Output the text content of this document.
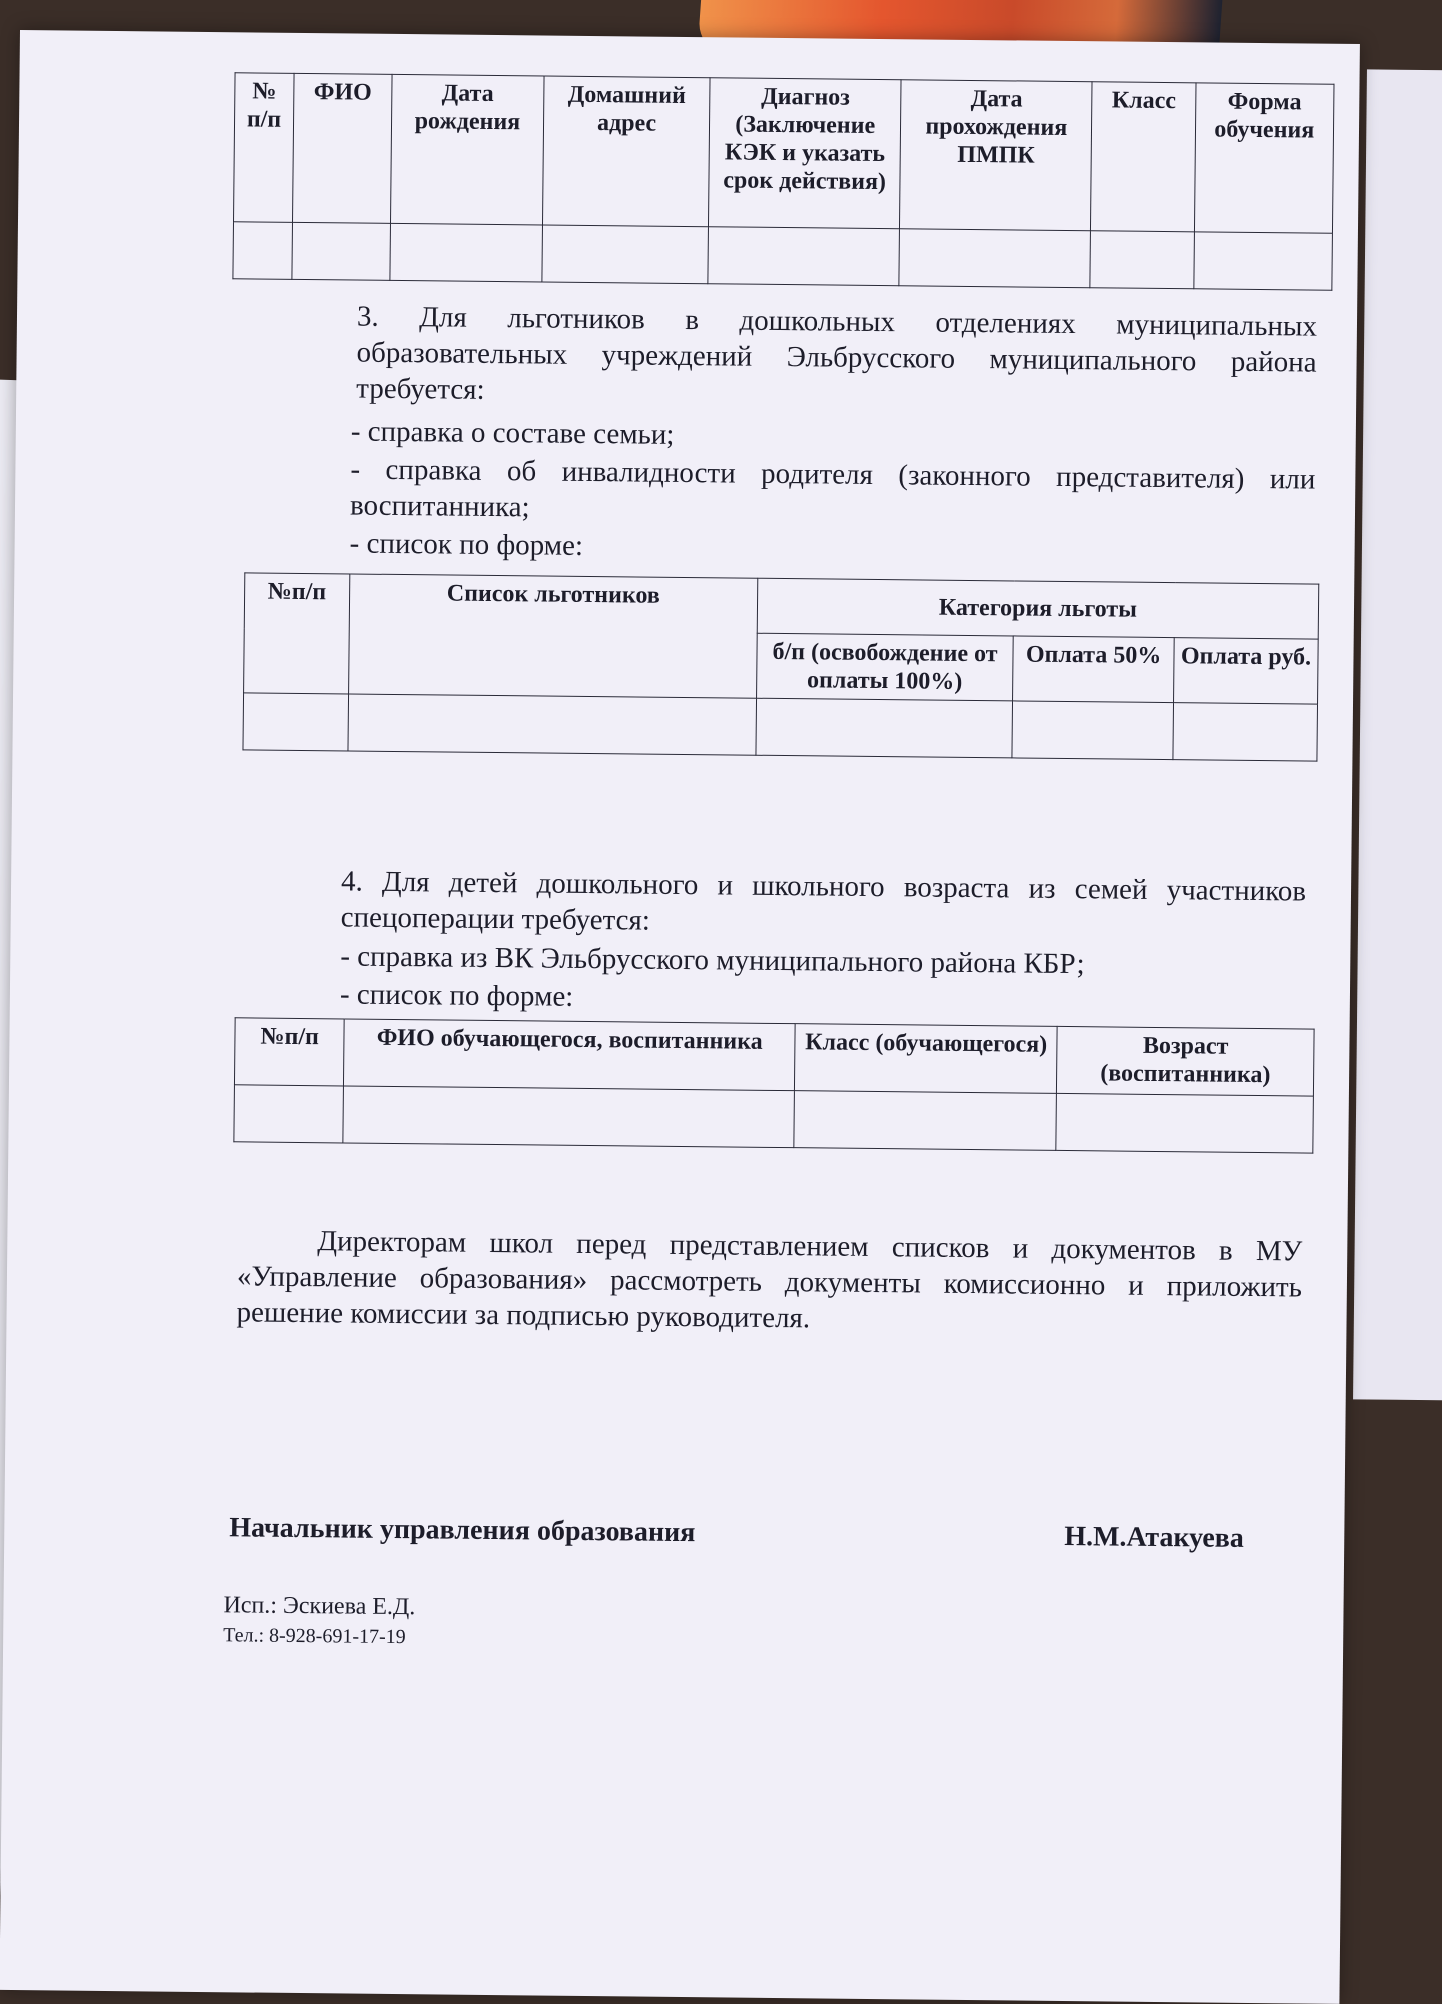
№ п/п	ФИО	Дата рождения	Домашний адрес	Диагноз (Заключение КЭК и указать срок действия)	Дата прохождения ПМПК	Класс	Форма обучения

3. Для льготников в дошкольных отделениях муниципальных образовательных учреждений Эльбрусского муниципального района требуется:
- справка о составе семьи;
- справка об инвалидности родителя (законного представителя) или воспитанника;
- список по форме:
№п/п	Список льготников	Категория льготы		
		б/п (освобождение от оплаты 100%)	Оплата 50%	Оплата руб.

4. Для детей дошкольного и школьного возраста из семей участников спецоперации требуется:
- справка из ВК Эльбрусского муниципального района КБР;
- список по форме:
№п/п	ФИО обучающегося, воспитанника	Класс (обучающегося)	Возраст (воспитанника)

Директорам школ перед представлением списков и документов в МУ «Управление образования» рассмотреть документы комиссионно и приложить решение комиссии за подписью руководителя.
Начальник управления образования	Н.М.Атакуева
Исп.: Эскиева Е.Д.
Тел.: 8-928-691-17-19
